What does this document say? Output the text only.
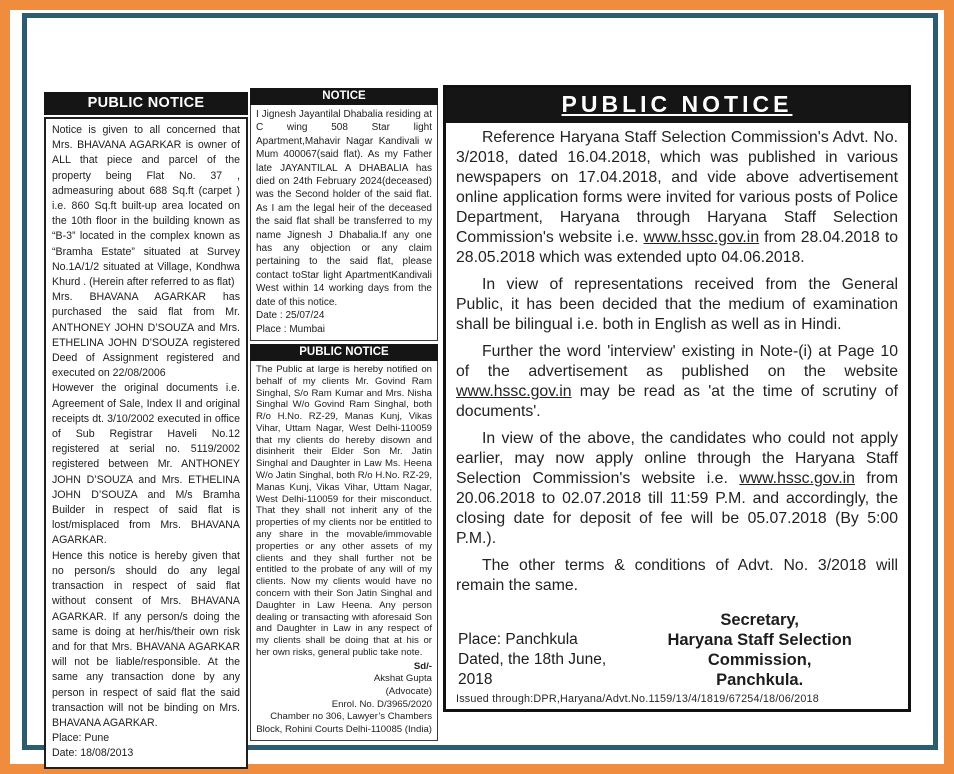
PUBLIC NOTICE

Notice is given to all concerned that Mrs. BHAVANA AGARKAR is owner of ALL that piece and parcel of the property being Flat No. 37 , admeasuring about 688 Sq.ft (carpet ) i.e. 860 Sq.ft built-up area located on the 10th floor in the building known as “B-3” located in the complex known as “Bramha Estate” situated at Survey No.1A/1/2 situated at Village, Kondhwa Khurd . (Herein after referred to as flat)

Mrs. BHAVANA AGARKAR has purchased the said flat from Mr. ANTHONEY JOHN D’SOUZA and Mrs. ETHELINA JOHN D’SOUZA registered Deed of Assignment registered and executed on 22/08/2006

However the original documents i.e. Agreement of Sale, Index II and original receipts dt. 3/10/2002 executed in office of Sub Registrar Haveli No.12 registered at serial no. 5119/2002 registered between Mr. ANTHONEY JOHN D’SOUZA and Mrs. ETHELINA JOHN D’SOUZA and M/s Bramha Builder in respect of said flat is lost/misplaced from Mrs. BHAVANA AGARKAR.

Hence this notice is hereby given that no person/s should do any legal transaction in respect of said flat without consent of Mrs. BHAVANA AGARKAR. If any person/s doing the same is doing at her/his/their own risk and for that Mrs. BHAVANA AGARKAR will not be liable/responsible. At the same any transaction done by any person in respect of said flat the said transaction will not be binding on Mrs. BHAVANA AGARKAR.

Place: Pune

Date: 18/08/2013

NOTICE

I Jignesh Jayantilal Dhabalia residing at C wing 508 Star light Apartment,Mahavir Nagar Kandivali w Mum 400067(said flat). As my Father late JAYANTILAL A DHABALIA has died on 24th February 2024(deceased) was the Second holder of the said flat. As I am the legal heir of the deceased the said flat shall be transferred to my name Jignesh J Dhabalia.If any one has any objection or any claim pertaining to the said flat, please contact toStar light ApartmentKandivali West within 14 working days from the date of this notice.

Date : 25/07/24

Place : Mumbai

PUBLIC NOTICE

The Public at large is hereby notified on behalf of my clients Mr. Govind Ram Singhal, S/o Ram Kumar and Mrs. Nisha Singhal W/o Govind Ram Singhal, both R/o H.No. RZ-29, Manas Kunj, Vikas Vihar, Uttam Nagar, West Delhi-110059 that my clients do hereby disown and disinherit their Elder Son Mr. Jatin Singhal and Daughter in Law Ms. Heena W/o Jatin Singhal, both R/o H.No. RZ-29, Manas Kunj, Vikas Vihar, Uttam Nagar, West Delhi-110059 for their misconduct. That they shall not inherit any of the properties of my clients nor be entitled to any share in the movable/immovable properties or any other assets of my clients and they shall further not be entitled to the probate of any will of my clients. Now my clients would have no concern with their Son Jatin Singhal and Daughter in Law Heena. Any person dealing or transacting with aforesaid Son and Daughter in Law in any respect of my clients shall be doing that at his or her own risks, general public take note.

Sd/-
Akshat Gupta
(Advocate)
Enrol. No. D/3965/2020
Chamber no 306, Lawyer’s Chambers
Block, Rohini Courts Delhi-110085 (India)
PUBLIC NOTICE

Reference Haryana Staff Selection Commission's Advt. No. 3/2018, dated 16.04.2018, which was published in various newspapers on 17.04.2018, and vide above advertisement online application forms were invited for various posts of Police Department, Haryana through Haryana Staff Selection Commission's website i.e. www.hssc.gov.in from 28.04.2018 to 28.05.2018 which was extended upto 04.06.2018.

In view of representations received from the General Public, it has been decided that the medium of examination shall be bilingual i.e. both in English as well as in Hindi.

Further the word 'interview' existing in Note-(i) at Page 10 of the advertisement as published on the website www.hssc.gov.in may be read as 'at the time of scrutiny of documents'.

In view of the above, the candidates who could not apply earlier, may now apply online through the Haryana Staff Selection Commission's website i.e. www.hssc.gov.in from 20.06.2018 to 02.07.2018 till 11:59 P.M. and accordingly, the closing date for deposit of fee will be 05.07.2018 (By 5:00 P.M.).

The other terms & conditions of Advt. No. 3/2018 will remain the same.

Place: Panchkula
Dated, the 18th June, 2018
Secretary,
Haryana Staff Selection Commission,
Panchkula.
Issued through:DPR,Haryana/Advt.No.1159/13/4/1819/67254/18/06/2018
